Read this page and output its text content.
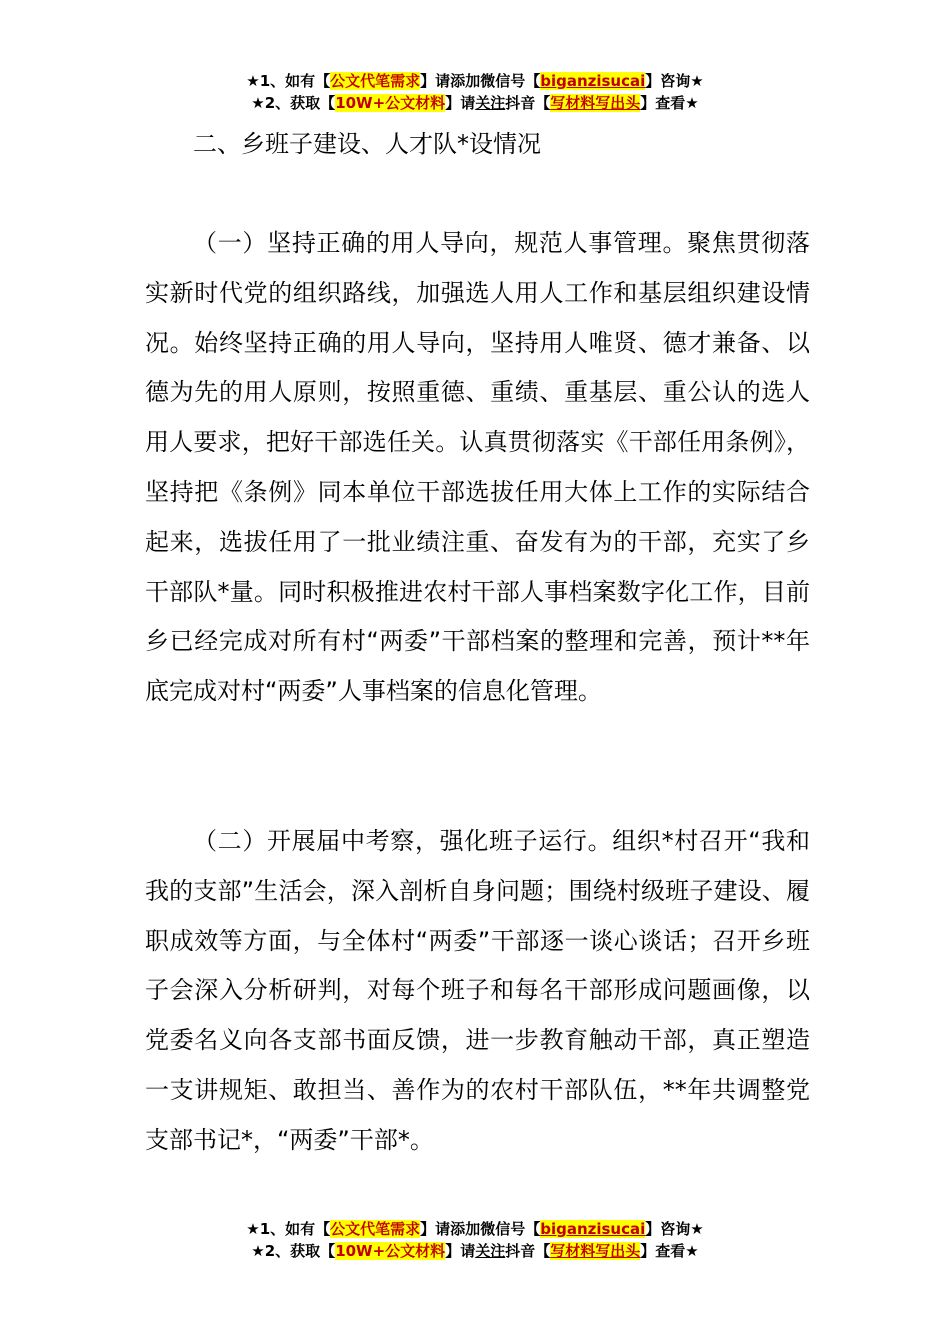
★1、如有【公文代笔需求】请添加微信号【biganzisucai】咨询★
★2、获取【10W+公文材料】请关注抖音【写材料写出头】查看★
二、乡班子建设、人才队*设情况

（一）坚持正确的用人导向，规范人事管理。聚焦贯彻落实新时代党的组织路线，加强选人用人工作和基层组织建设情况。始终坚持正确的用人导向，坚持用人唯贤、德才兼备、以德为先的用人原则，按照重德、重绩、重基层、重公认的选人用人要求，把好干部选任关。认真贯彻落实《干部任用条例》，坚持把《条例》同本单位干部选拔任用大体上工作的实际结合起来，选拔任用了一批业绩注重、奋发有为的干部，充实了乡干部队*量。同时积极推进农村干部人事档案数字化工作，目前乡已经完成对所有村“两委”干部档案的整理和完善，预计**年底完成对村“两委”人事档案的信息化管理。

（二）开展届中考察，强化班子运行。组织*村召开“我和我的支部”生活会，深入剖析自身问题；围绕村级班子建设、履职成效等方面，与全体村“两委”干部逐一谈心谈话；召开乡班子会深入分析研判，对每个班子和每名干部形成问题画像，以党委名义向各支部书面反馈，进一步教育触动干部，真正塑造一支讲规矩、敢担当、善作为的农村干部队伍，**年共调整党支部书记*，“两委”干部*。

★1、如有【公文代笔需求】请添加微信号【biganzisucai】咨询★
★2、获取【10W+公文材料】请关注抖音【写材料写出头】查看★
